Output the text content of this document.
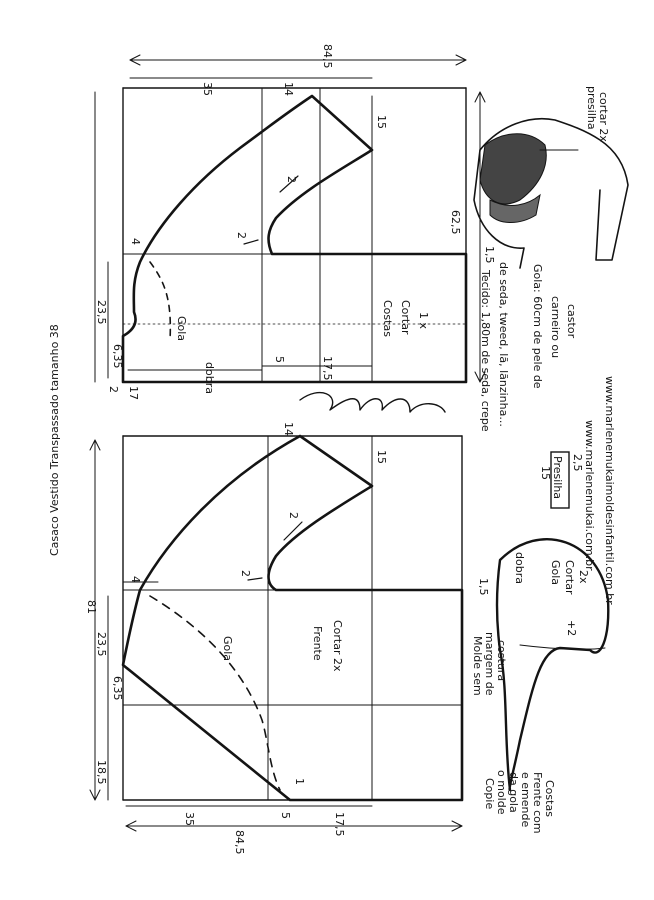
Casaco Vestido Transpassado tamanho 38
84,5
62,5
35	14
15
2
2
1,5
4
23,5
6,35
2 17
5	17,5
Gola
dobra
Costas Cortar 1 x
81
14
15
2
2
1,5
4
23,5
6,35
18,5	1
35	5	17,5
84,5
Gola	Frente Cortar 2x
dobra Gola Cortar 2x
+2
Molde sem margem de costura
Copie o molde da gola e emende Frente com Costas
Tecido: 1,80m de seda, crepe de seda, tweed, lã, lãnzinha... Gola: 60cm de pele de carneiro ou castor
Presilha
15
2,5 www.marlenemukai.com.br www.marlenemukaimoldesinfantil.com.br
presilha cortar 2x
